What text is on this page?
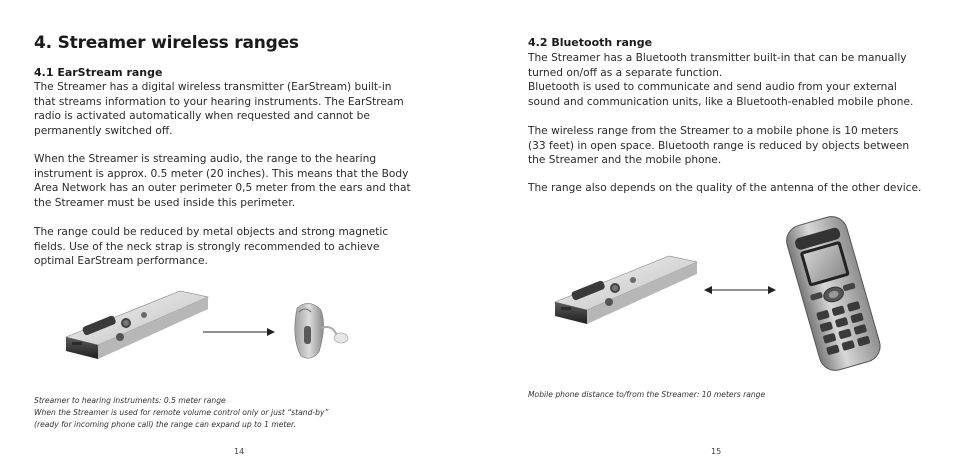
4. Streamer wireless ranges
4.1 EarStream range

The Streamer has a digital wireless transmitter (EarStream) built-in that streams information to your hearing instruments. The EarStream radio is activated automatically when requested and cannot be permanently switched off.

When the Streamer is streaming audio, the range to the hearing instrument is approx. 0.5 meter (20 inches). This means that the Body Area Network has an outer perimeter 0,5 meter from the ears and that the Streamer must be used inside this perimeter.

The range could be reduced by metal objects and strong magnetic fields. Use of the neck strap is strongly recommended to achieve optimal EarStream performance.

Streamer to hearing instruments: 0.5 meter range

When the Streamer is used for remote volume control only or just “stand-by”

(ready for incoming phone call) the range can expand up to 1 meter.

14
4.2 Bluetooth range

The Streamer has a Bluetooth transmitter built-in that can be manually turned on/off as a separate function.

Bluetooth is used to communicate and send audio from your external sound and communication units, like a Bluetooth-enabled mobile phone.

The wireless range from the Streamer to a mobile phone is 10 meters (33 feet) in open space. Bluetooth range is reduced by objects between the Streamer and the mobile phone.

The range also depends on the quality of the antenna of the other device.

Mobile phone distance to/from the Streamer: 10 meters range

15
